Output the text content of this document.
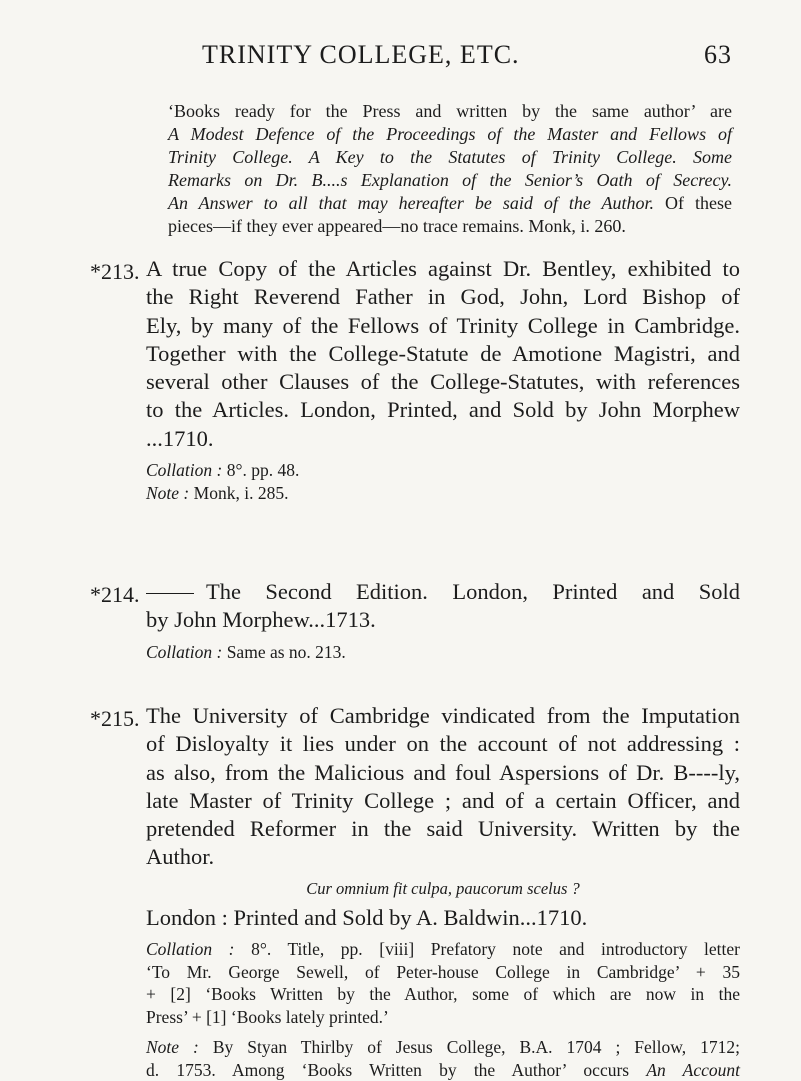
TRINITY COLLEGE, ETC.	63
‘Books ready for the Press and written by the same author’ are
A Modest Defence of the Proceedings of the Master and Fellows of
Trinity College. A Key to the Statutes of Trinity College. Some
Remarks on Dr. B....s Explanation of the Senior’s Oath of Secrecy.
An Answer to all that may hereafter be said of the Author. Of these
pieces—if they ever appeared—no trace remains. Monk, i. 260.
*213. A true Copy of the Articles against Dr. Bentley, exhibited to
the Right Reverend Father in God, John, Lord Bishop of
Ely, by many of the Fellows of Trinity College in Cambridge.
Together with the College-Statute de Amotione Magistri, and
several other Clauses of the College-Statutes, with references
to the Articles. London, Printed, and Sold by John Morphew
...1710.
Collation : 8°. pp. 48.
Note : Monk, i. 285.
*214.	The Second Edition. London, Printed and Sold
by John Morphew...1713.
Collation : Same as no. 213.
*215. The University of Cambridge vindicated from the Imputation
of Disloyalty it lies under on the account of not addressing :
as also, from the Malicious and foul Aspersions of Dr. B----ly,
late Master of Trinity College ; and of a certain Officer, and
pretended Reformer in the said University. Written by the
Author.
Cur omnium fit culpa, paucorum scelus ?
London : Printed and Sold by A. Baldwin...1710.
Collation : 8°. Title, pp. [viii] Prefatory note and introductory letter
‘To Mr. George Sewell, of Peter-house College in Cambridge’ + 35
+ [2] ‘Books Written by the Author, some of which are now in the
Press’ + [1] ‘Books lately printed.’
Note : By Styan Thirlby of Jesus College, B.A. 1704 ; Fellow, 1712;
d. 1753. Among ‘Books Written by the Author’ occurs An Account
